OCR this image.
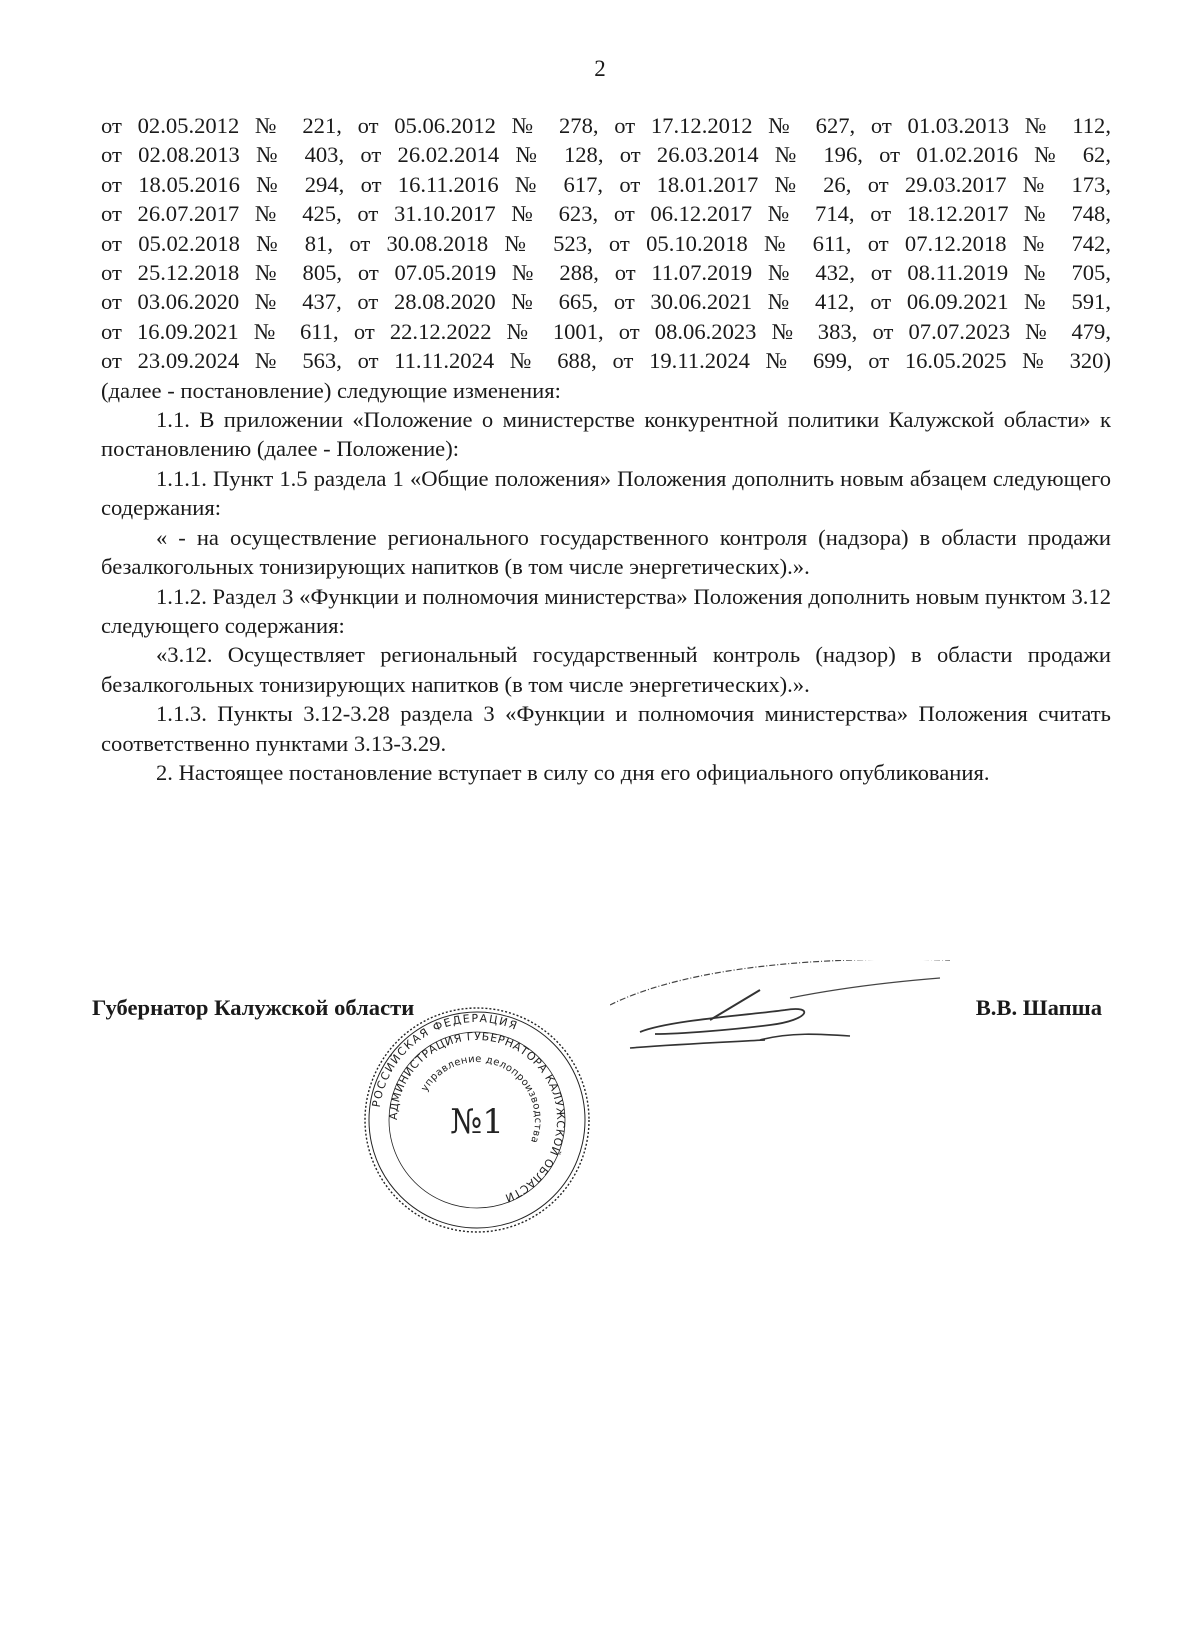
2

от 02.05.2012 № 221, от 05.06.2012 № 278, от 17.12.2012 № 627, от 01.03.2013 № 112,

от 02.08.2013 № 403, от 26.02.2014 № 128, от 26.03.2014 № 196, от 01.02.2016 № 62,

от 18.05.2016 № 294, от 16.11.2016 № 617, от 18.01.2017 № 26, от 29.03.2017 № 173,

от 26.07.2017 № 425, от 31.10.2017 № 623, от 06.12.2017 № 714, от 18.12.2017 № 748,

от 05.02.2018 № 81, от 30.08.2018 № 523, от 05.10.2018 № 611, от 07.12.2018 № 742,

от 25.12.2018 № 805, от 07.05.2019 № 288, от 11.07.2019 № 432, от 08.11.2019 № 705,

от 03.06.2020 № 437, от 28.08.2020 № 665, от 30.06.2021 № 412, от 06.09.2021 № 591,

от 16.09.2021 № 611, от 22.12.2022 № 1001, от 08.06.2023 № 383, от 07.07.2023 № 479,

от 23.09.2024 № 563, от 11.11.2024 № 688, от 19.11.2024 № 699, от 16.05.2025 № 320)

(далее - постановление) следующие изменения:

1.1. В приложении «Положение о министерстве конкурентной политики Калужской области» к постановлению (далее - Положение):

1.1.1. Пункт 1.5 раздела 1 «Общие положения» Положения дополнить новым абзацем следующего содержания:

« - на осуществление регионального государственного контроля (надзора) в области продажи безалкогольных тонизирующих напитков (в том числе энергетических).».

1.1.2. Раздел 3 «Функции и полномочия министерства» Положения дополнить новым пунктом 3.12 следующего содержания:

«3.12. Осуществляет региональный государственный контроль (надзор) в области продажи безалкогольных тонизирующих напитков (в том числе энергетических).».

1.1.3. Пункты 3.12-3.28 раздела 3 «Функции и полномочия министерства» Положения считать соответственно пунктами 3.13-3.29.

2. Настоящее постановление вступает в силу со дня его официального опубликования.

Губернатор Калужской области	В.В. Шапша
РОССИЙСКАЯ ФЕДЕРАЦИЯ
АДМИНИСТРАЦИЯ ГУБЕРНАТОРА КАЛУЖСКОЙ ОБЛАСТИ
управление делопроизводства
№1
